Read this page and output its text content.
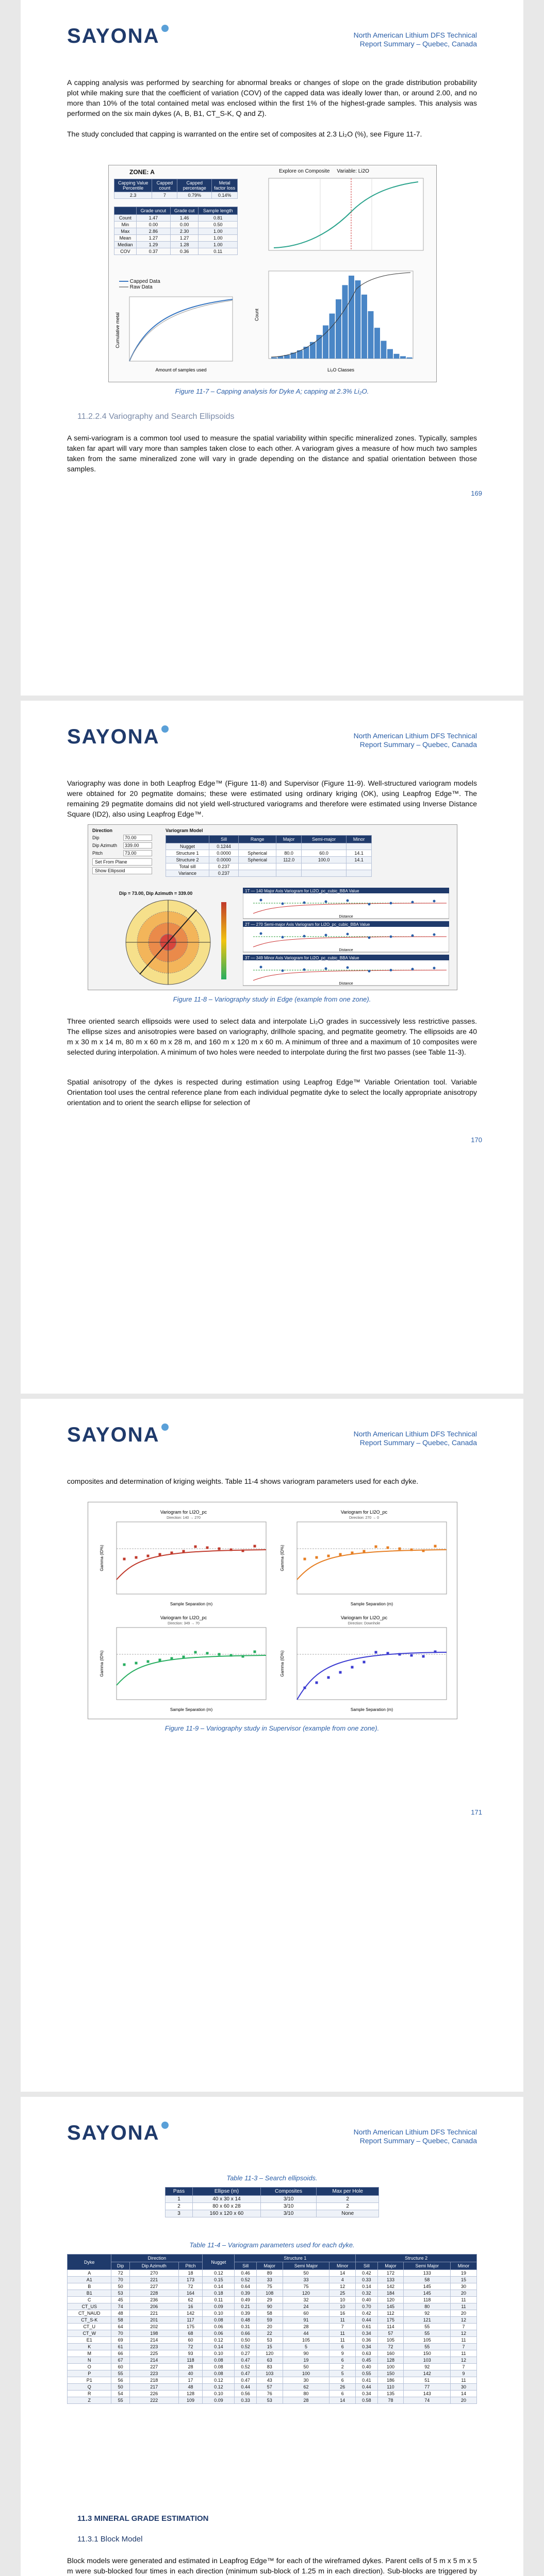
SAYONA	North American Lithium DFS Technical
Report Summary – Quebec, Canada
A capping analysis was performed by searching for abnormal breaks or changes of slope on the grade distribution probability plot while making sure that the coefficient of variation (COV) of the capped data was ideally lower than, or around 2.00, and no more than 10% of the total contained metal was enclosed within the first 1% of the highest-grade samples. This analysis was performed on the six main dykes (A, B, B1, CT_S-K, Q and Z).
The study concluded that capping is warranted on the entire set of composites at 2.3 Li₂O (%), see Figure 11-7.
ZONE: A
Capping Value Percentile	Capped count	Capped percentage	Metal factor loss
2.3	7	0.79%	0.14%
	Grade uncut	Grade cut	Sample length
Count	1.47	1.46	0.81
Min	0.00	0.00	0.50
Max	2.86	2.30	1.00
Mean	1.27	1.27	1.00
Median	1.29	1.28	1.00
COV	0.37	0.36	0.11
Capped Data
Raw Data
Amount of samples used
Cumulative metal
Explore on Composite Variable: Li2O
Li₂O Classes
Count
Figure 11-7 – Capping analysis for Dyke A; capping at 2.3% Li₂O.
11.2.2.4 Variography and Search Ellipsoids
A semi-variogram is a common tool used to measure the spatial variability within specific mineralized zones. Typically, samples taken far apart will vary more than samples taken close to each other. A variogram gives a measure of how much two samples taken from the same mineralized zone will vary in grade depending on the distance and spatial orientation between those samples.
169
SAYONA	North American Lithium DFS Technical
Report Summary – Quebec, Canada
Variography was done in both Leapfrog Edge™ (Figure 11-8) and Supervisor (Figure 11-9). Well-structured variogram models were obtained for 20 pegmatite domains; these were estimated using ordinary kriging (OK), using Leapfrog Edge™. The remaining 29 pegmatite domains did not yield well-structured variograms and therefore were estimated using Inverse Distance Square (ID2), also using Leapfrog Edge™.
Direction
Dip	70.00
Dip Azimuth 339.00
Pitch	73.00
Set From Plane
Show Ellipsoid
Variogram Model
	Sill	Range	Major	Semi-major	Minor
Nugget	0.1244				
Structure 1	0.0000	Spherical	80.0	60.0	14.1
Structure 2	0.0000	Spherical	112.0	100.0	14.1
Total sill	0.237				
Variance	0.237				
Dip = 73.00, Dip Azimuth = 339.00	1T — 140 Major Axis Variogram for Li2O_pc_cubic_BBA Value
Distance
2T — 270 Semi-major Axis Variogram for Li2O_pc_cubic_BBA Value
Distance
3T — 349 Minor Axis Variogram for Li2O_pc_cubic_BBA Value
Distance
Figure 11-8 – Variography study in Edge (example from one zone).
Three oriented search ellipsoids were used to select data and interpolate Li₂O grades in successively less restrictive passes. The ellipse sizes and anisotropies were based on variography, drillhole spacing, and pegmatite geometry. The ellipsoids are 40 m x 30 m x 14 m, 80 m x 60 m x 28 m, and 160 m x 120 m x 60 m. A minimum of three and a maximum of 10 composites were selected during interpolation. A minimum of two holes were needed to interpolate during the first two passes (see Table 11-3).
Spatial anisotropy of the dykes is respected during estimation using Leapfrog Edge™ Variable Orientation tool. Variable Orientation tool uses the central reference plane from each individual pegmatite dyke to select the locally appropriate anisotropy orientation and to orient the search ellipse for selection of
170
SAYONA	North American Lithium DFS Technical
Report Summary – Quebec, Canada
composites and determination of kriging weights. Table 11-4 shows variogram parameters used for each dyke.
Variogram for LI2O_pc
Direction: 140 → 270
Sample Separation (m)
Gamma (ID%)
Variogram for LI2O_pc
Direction: 270 → 0
Sample Separation (m)
Gamma (ID%)
Variogram for LI2O_pc
Direction: 349 → 70
Sample Separation (m)
Gamma (ID%)
Variogram for LI2O_pc
Direction: Downhole
Sample Separation (m)
Gamma (ID%)
Figure 11-9 – Variography study in Supervisor (example from one zone).
171
SAYONA	North American Lithium DFS Technical
Report Summary – Quebec, Canada
Table 11-3 – Search ellipsoids.
Pass	Ellipse (m)	Composites	Max per Hole
1	40 x 30 x 14	3/10	2
2	80 x 60 x 28	3/10	2
3	160 x 120 x 60	3/10	None
Table 11-4 – Variogram parameters used for each dyke.
Dyke	Direction			Nugget	Structure 1				Structure 2			
	Dip	Dip Azimuth	Pitch		Sill	Major	Semi Major	Minor	Sill	Major	Semi Major	Minor
A	72	270	18	0.12	0.46	89	50	14	0.42	172	133	19
A1	70	221	173	0.15	0.52	33	33	4	0.33	133	58	15
B	50	227	72	0.14	0.64	75	75	12	0.14	142	145	30
B1	53	228	164	0.18	0.39	108	120	25	0.32	184	145	20
C	45	236	62	0.11	0.49	29	32	10	0.40	120	118	11
CT_US	74	206	16	0.09	0.21	90	24	10	0.70	145	80	11
CT_NAUD	48	221	142	0.10	0.39	58	60	16	0.42	112	92	20
CT_S-K	58	201	117	0.08	0.48	59	91	11	0.44	175	121	12
CT_U	64	202	175	0.06	0.31	20	28	7	0.61	114	55	7
CT_W	70	198	68	0.06	0.66	22	44	11	0.34	57	55	12
E1	69	214	60	0.12	0.50	53	105	11	0.36	105	105	11
K	61	223	72	0.14	0.52	15	5	6	0.34	72	55	7
M	66	225	93	0.10	0.27	120	90	9	0.63	160	150	11
N	67	214	118	0.08	0.47	63	19	6	0.45	128	103	12
O	60	227	28	0.08	0.52	83	50	2	0.40	100	92	7
P	55	223	40	0.08	0.47	103	100	5	0.55	150	142	9
P1	56	218	17	0.12	0.47	43	30	6	0.41	186	51	11
Q	50	217	48	0.12	0.44	57	62	26	0.44	110	77	30
R	54	226	128	0.10	0.56	76	80	6	0.34	135	143	14
Z	55	222	109	0.09	0.33	53	28	14	0.58	78	74	20
11.3 MINERAL GRADE ESTIMATION
11.3.1 Block Model
Block models were generated and estimated in Leapfrog Edge™ for each of the wireframed dykes. Parent cells of 5 m x 5 m x 5 m were sub-blocked four times in each direction (minimum sub-block of 1.25 m in each direction). Sub-blocks are triggered by
